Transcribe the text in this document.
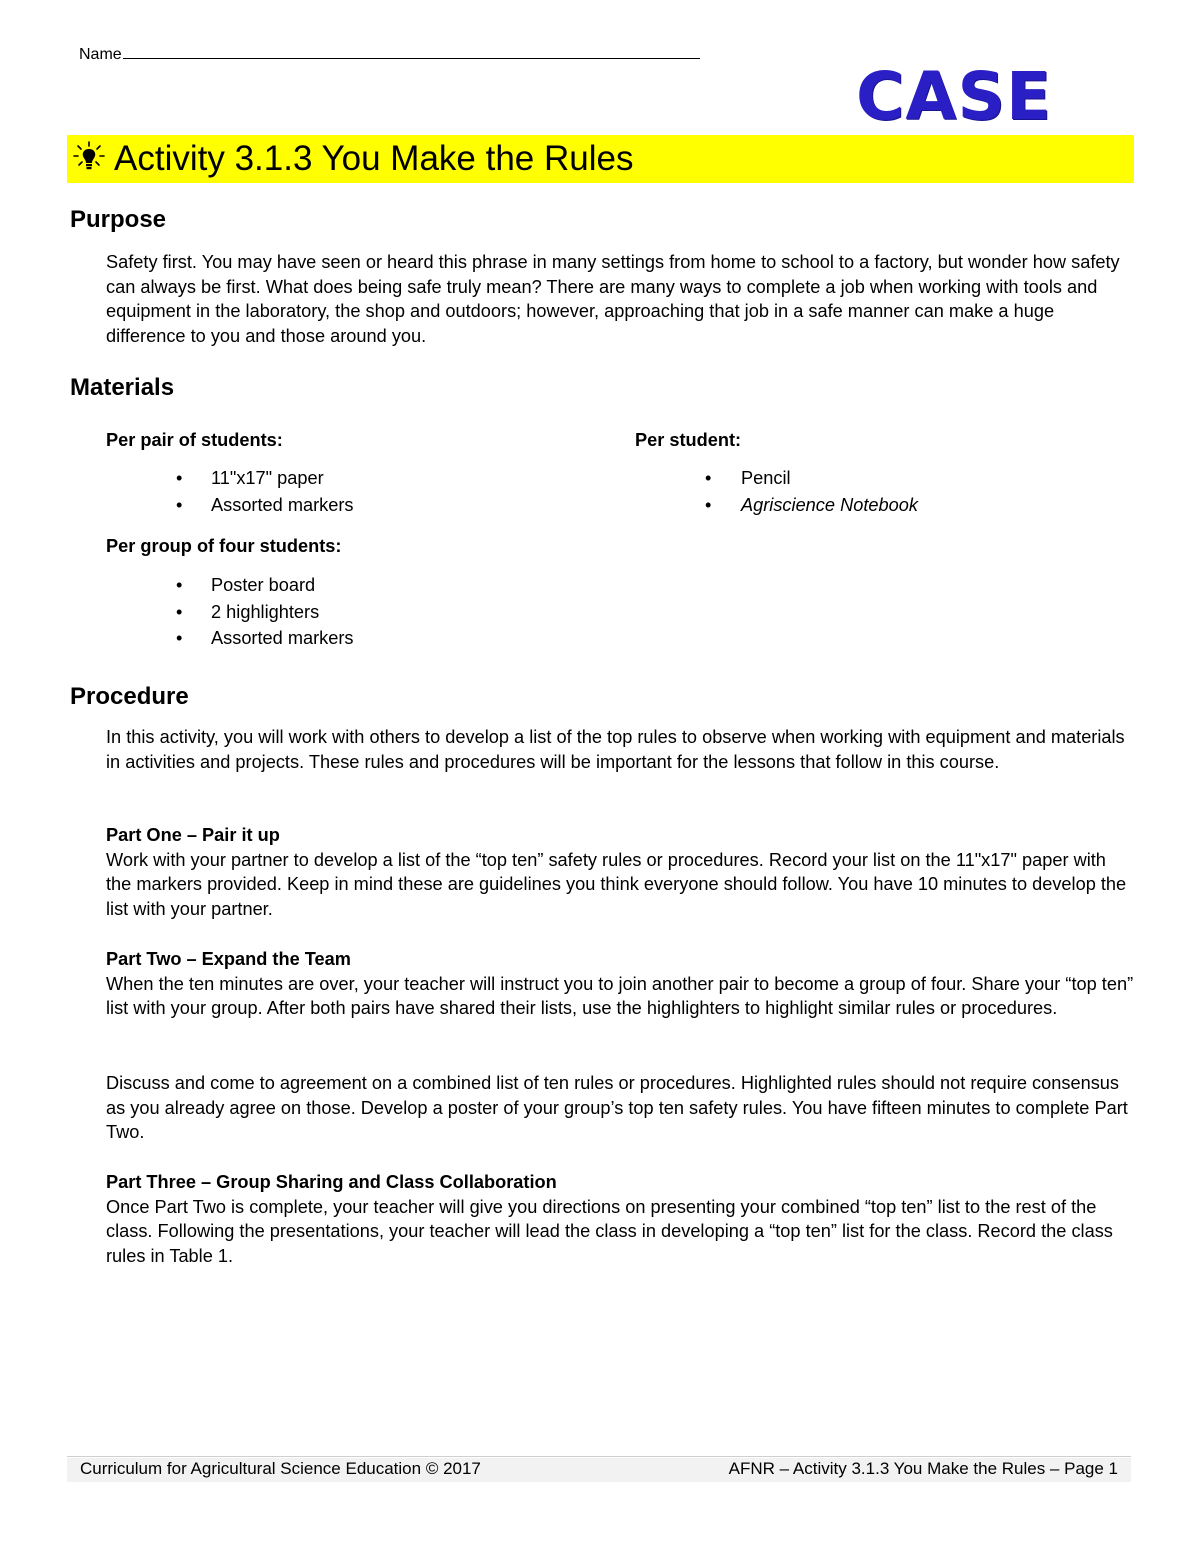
Name
CASE
Activity 3.1.3 You Make the Rules
Purpose

Safety first. You may have seen or heard this phrase in many settings from home to school to a factory, but wonder how safety can always be first. What does being safe truly mean? There are many ways to complete a job when working with tools and equipment in the laboratory, the shop and outdoors; however, approaching that job in a safe manner can make a huge difference to you and those around you.

Materials
Per pair of students:
• 11"x17" paper
• Assorted markers
Per group of four students:
• Poster board
• 2 highlighters
• Assorted markers
Per student:
• Pencil
• Agriscience Notebook
Procedure

In this activity, you will work with others to develop a list of the top rules to observe when working with equipment and materials in activities and projects. These rules and procedures will be important for the lessons that follow in this course.

Part One – Pair it up
Work with your partner to develop a list of the “top ten” safety rules or procedures. Record your list on the 11"x17" paper with the markers provided. Keep in mind these are guidelines you think everyone should follow. You have 10 minutes to develop the list with your partner.
Part Two – Expand the Team
When the ten minutes are over, your teacher will instruct you to join another pair to become a group of four. Share your “top ten” list with your group. After both pairs have shared their lists, use the highlighters to highlight similar rules or procedures.

Discuss and come to agreement on a combined list of ten rules or procedures. Highlighted rules should not require consensus as you already agree on those. Develop a poster of your group’s top ten safety rules. You have fifteen minutes to complete Part Two.

Part Three – Group Sharing and Class Collaboration
Once Part Two is complete, your teacher will give you directions on presenting your combined “top ten” list to the rest of the class. Following the presentations, your teacher will lead the class in developing a “top ten” list for the class. Record the class rules in Table 1.
Curriculum for Agricultural Science Education © 2017	AFNR – Activity 3.1.3 You Make the Rules – Page 1
